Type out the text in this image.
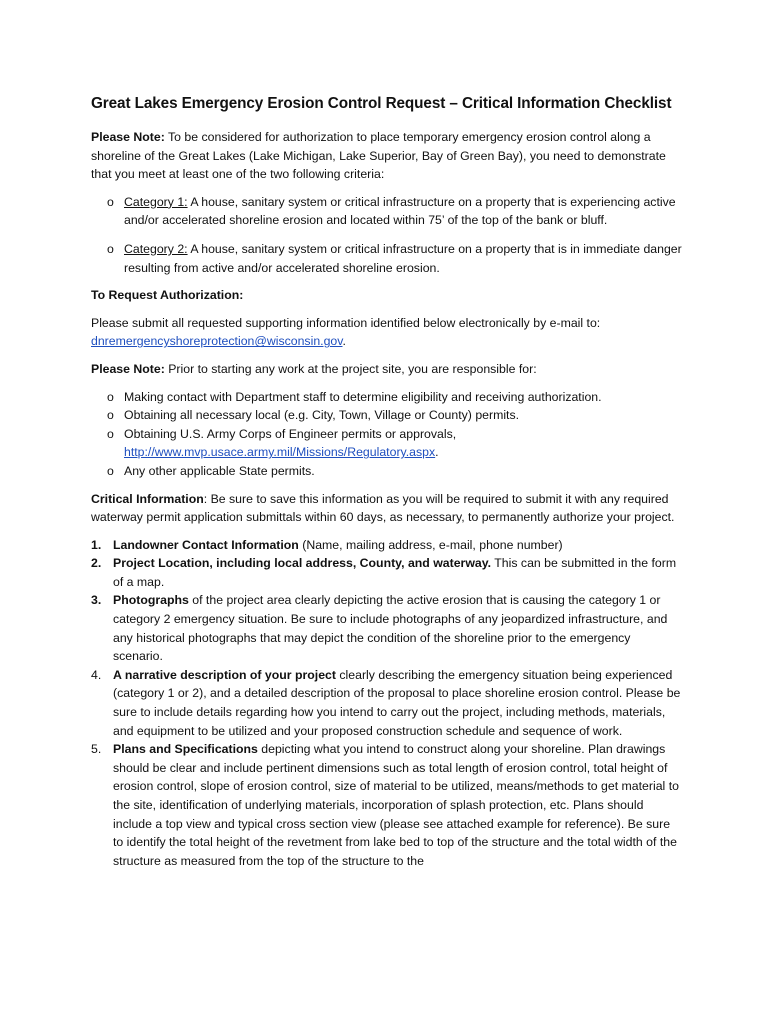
Great Lakes Emergency Erosion Control Request – Critical Information Checklist

Please Note: To be considered for authorization to place temporary emergency erosion control along a shoreline of the Great Lakes (Lake Michigan, Lake Superior, Bay of Green Bay), you need to demonstrate that you meet at least one of the two following criteria:

o Category 1: A house, sanitary system or critical infrastructure on a property that is experiencing active and/or accelerated shoreline erosion and located within 75’ of the top of the bank or bluff.
o Category 2: A house, sanitary system or critical infrastructure on a property that is in immediate danger resulting from active and/or accelerated shoreline erosion.

To Request Authorization:

Please submit all requested supporting information identified below electronically by e-mail to: dnremergencyshoreprotection@wisconsin.gov.

Please Note: Prior to starting any work at the project site, you are responsible for:

o Making contact with Department staff to determine eligibility and receiving authorization.
o Obtaining all necessary local (e.g. City, Town, Village or County) permits.
o Obtaining U.S. Army Corps of Engineer permits or approvals, http://www.mvp.usace.army.mil/Missions/Regulatory.aspx.
o Any other applicable State permits.

Critical Information: Be sure to save this information as you will be required to submit it with any required waterway permit application submittals within 60 days, as necessary, to permanently authorize your project.

1. Landowner Contact Information (Name, mailing address, e-mail, phone number)
2. Project Location, including local address, County, and waterway. This can be submitted in the form of a map.
3. Photographs of the project area clearly depicting the active erosion that is causing the category 1 or category 2 emergency situation. Be sure to include photographs of any jeopardized infrastructure, and any historical photographs that may depict the condition of the shoreline prior to the emergency scenario.
4. A narrative description of your project clearly describing the emergency situation being experienced (category 1 or 2), and a detailed description of the proposal to place shoreline erosion control. Please be sure to include details regarding how you intend to carry out the project, including methods, materials, and equipment to be utilized and your proposed construction schedule and sequence of work.
5. Plans and Specifications depicting what you intend to construct along your shoreline. Plan drawings should be clear and include pertinent dimensions such as total length of erosion control, total height of erosion control, slope of erosion control, size of material to be utilized, means/methods to get material to the site, identification of underlying materials, incorporation of splash protection, etc. Plans should include a top view and typical cross section view (please see attached example for reference). Be sure to identify the total height of the revetment from lake bed to top of the structure and the total width of the structure as measured from the top of the structure to the
